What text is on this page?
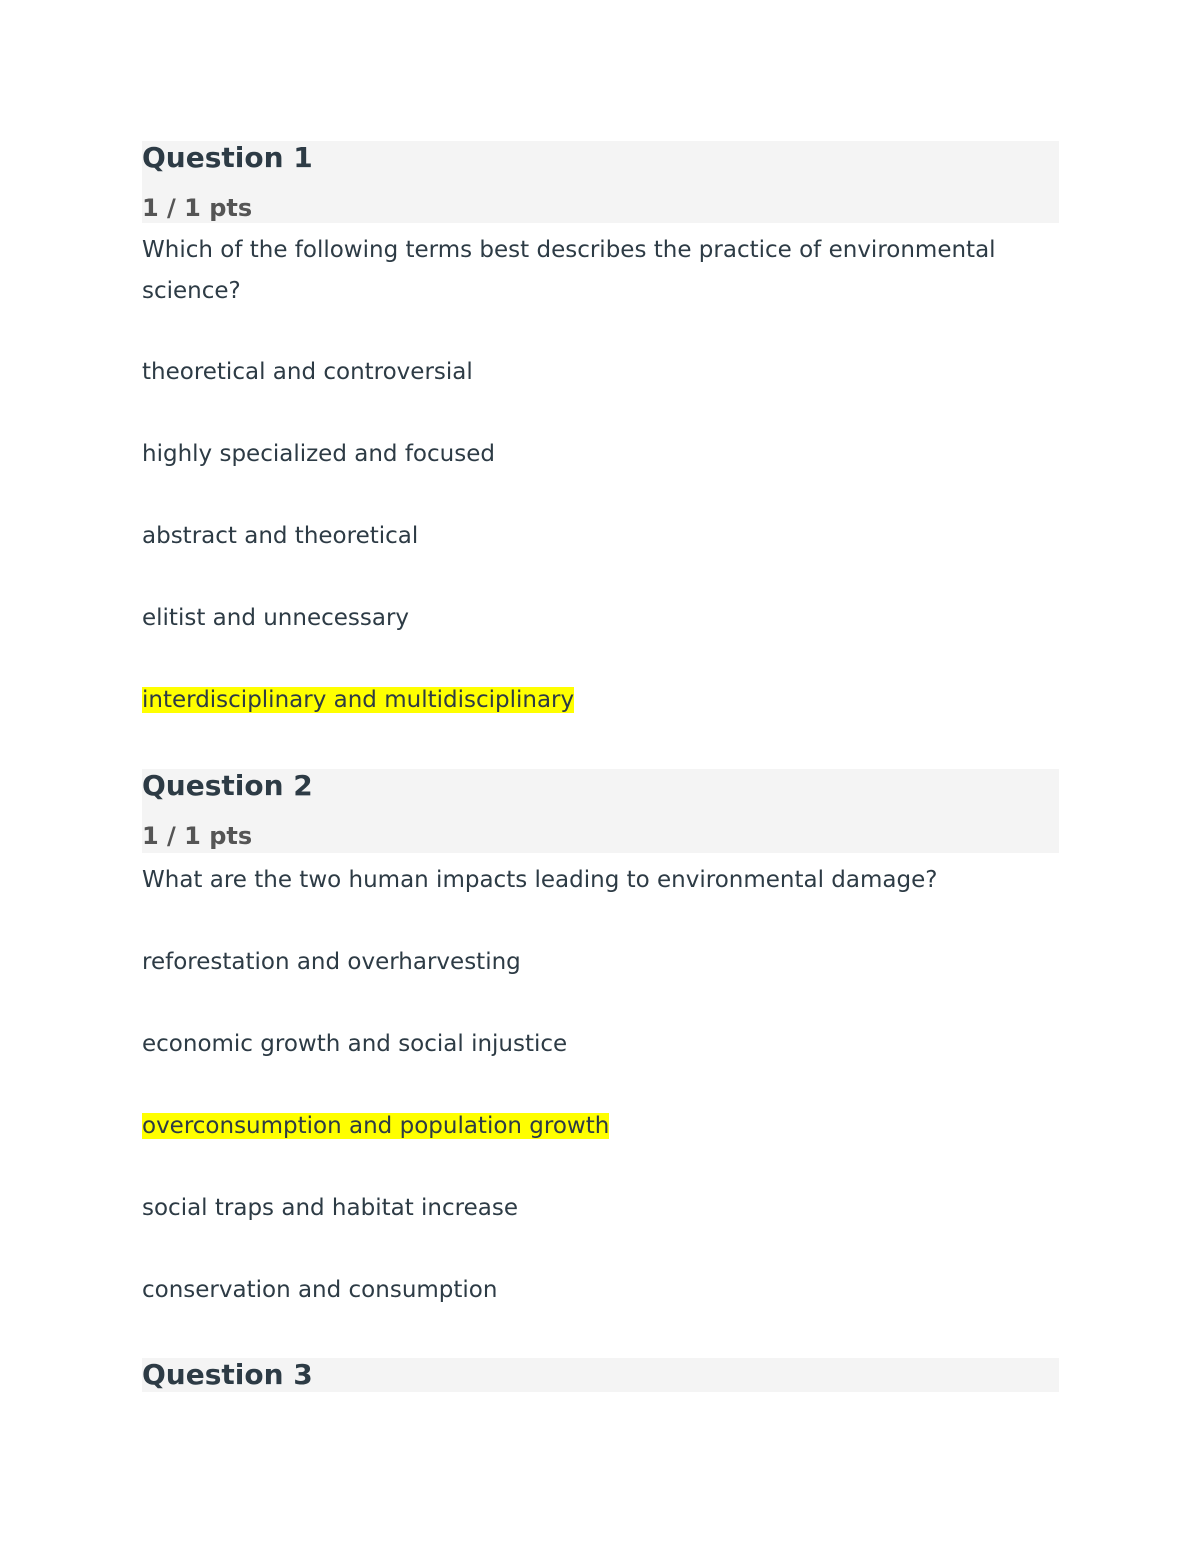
Question 1
1 / 1 pts

Which of the following terms best describes the practice of environmental science?

theoretical and controversial
highly specialized and focused
abstract and theoretical
elitist and unnecessary
interdisciplinary and multidisciplinary
Question 2
1 / 1 pts

What are the two human impacts leading to environmental damage?

reforestation and overharvesting
economic growth and social injustice
overconsumption and population growth
social traps and habitat increase
conservation and consumption
Question 3
